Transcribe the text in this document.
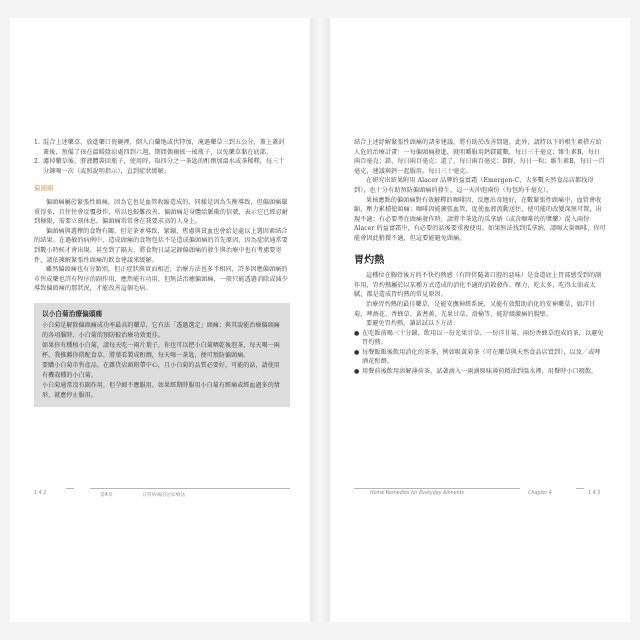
1. 混合上述藥草，放進藥口瓷碗裡，倒入白蘭地或伏特加，淹過藥草三到五公分，蓋上蓋封蓋後，預備了孩在溫暖陰涼處四到六週，期間偶爾搖一搖瓶子，以免藥草黏在底部。

2. 濾掉藥草後，將液體裝回瓶子，使用時，取四分之一茶匙的酊劑加溫水或茶稀釋，每三十分鐘喝一次（或照說明指示），直到症狀緩解。

偏頭痛

偏頭痛屬於緊張性頭痛，因為它也是血管收縮造成的，同樣是因為失衡導致，但偏頭痛嚴重得多，且往往會反覆發作，所以也較難改善。偏頭痛是身體給脈衝的信號，表示它已經忍耐到極限，需要立刻休息，偏頭痛常常會在我要求高的人身上。

偏頭痛與選擇的食物有關，但是茶並導致，緊繃，焦慮與貧血也會給是處以上選因素結合的結果。在過敏的病例中，造成頭痛的食物包括不是造成偏頭痛的首先原因，因為症狀通常要到數小時候才會出現，甚至到了隔天，將食物日誌記錄偏頭痛的發生與治療中也有考慮要寄件，請依據解緊張性頭痛的飲食建議來緩解。

雖然偏頭痛也有分類別，但正症狀與實而相近，治療方法也多半相同，許多因應偏頭痛的市售成藥也許有程序的副作用，應然能有功用，但無法治癒偏頭痛，一般只能透過消除或減少導致偏頭痛的那狀況，才能改善這個毛病。

以小白菊治療偏頭痛

小白菊是解除偏頭痛成功率最高的藥草，它有法「透過選定」頭痛；與其說能治療偏頭痛的各項腦時，小白菊的預防較治療功效更佳。

如果你有種植小白菊，請每天吃一兩片葉子，你也可以把小白菊晒乾後泡茶，每天喝一兩杯。我推薦你搭配食草，將葉看製成酊劑，每天喝一茶匙，便可預防偏頭痛。

要購小白菊市售產品，在雜貨店頭附帶中心，且小白菊的品質必要好，可能的話，請使用有機栽種的小白菊。

小白菊通常沒有副作用，但孕婦不應服用。如果經期時服用小白菊有經痛或經血過多的情形，就應停止服用。

1 4 2	第4章	日常病痛的居家療法

結合上述紓解緊張性頭痛的諸多建議，將有助於改善問題。此外，請將以下的根生素搭方給人危的治療計畫：一每偏頭痛發進，就咀嚼服用鈣鎂錠數，每日三千毫克；維生素B，每日兩百毫克；鎂，每日兩百毫克；還了，每日兩百毫克；B群，每日一粒；維生素B，每日一百毫克，建議與鈣一起服用。每日三十毫克。

在研究出結果附用 Alacer 品牌的益富霜（Emergen-C，大多數天然食品店都找得到），也十分有助預防偏頭痛的發生，這一天沖泡兩份（每包約千毫克）。

果核應點的偏頭痛對有效解釋的咖啡因，反應出奇地好，在數緊張性頭痛中，血管會收縮，壓力累積使頭痛；咖啡因能擴張血管，促使血液流動送往，使可能的改變深無可置，出現不適；有必要考在頭痛發作時，請將半茶匙的瓜拿納（或含咖啡的的漿藥）混入兩份 Alacer 的益富霜中，有必要的話後要重複使用。如果無法找到瓜拿納，請喝大量咖啡，你可能會因此稍微不適，但這要能避免頭痛。

胃灼熱

這種位在胸骨後方的不快灼熱感（有時伴隨著口腔的惡味）是食道底上胃部感受到的副作用，胃灼熱屬於以某種方式造成的消化不適的消散發作。壓力，吃太多，吃得太油或太膩，都是造成胃灼熱的常見原因。

治療胃灼熱的最佳藥草，是能安撫神經系統，又能有效幫助消化的安神藥草，如洋甘菊、啤酒花、香蜂草、黃耆蕉、光果甘草、滑榆等，能舒緩激痛的腸壁。

要避免胃灼熱，讀試試以下方法：

● 在吃飯前喝三十分鐘，飲用以一份光果甘草、一份洋甘菊、兩份香蜂草泡成的茶，以避免胃灼熱。

● 每餐飯飯後飲用消化的茶茶，例如吸黃菊茶（可在藥草與天然食品店買到），以及／或啤酒花酊劑。

● 用餐前後飲用溶解薄荷茶，試著滴入一兩滴原味薄荷精油到溫水裡，用餐時小口啜飲。

Home Remedies for Everyday Ailments	Chapter 4	1 4 3
